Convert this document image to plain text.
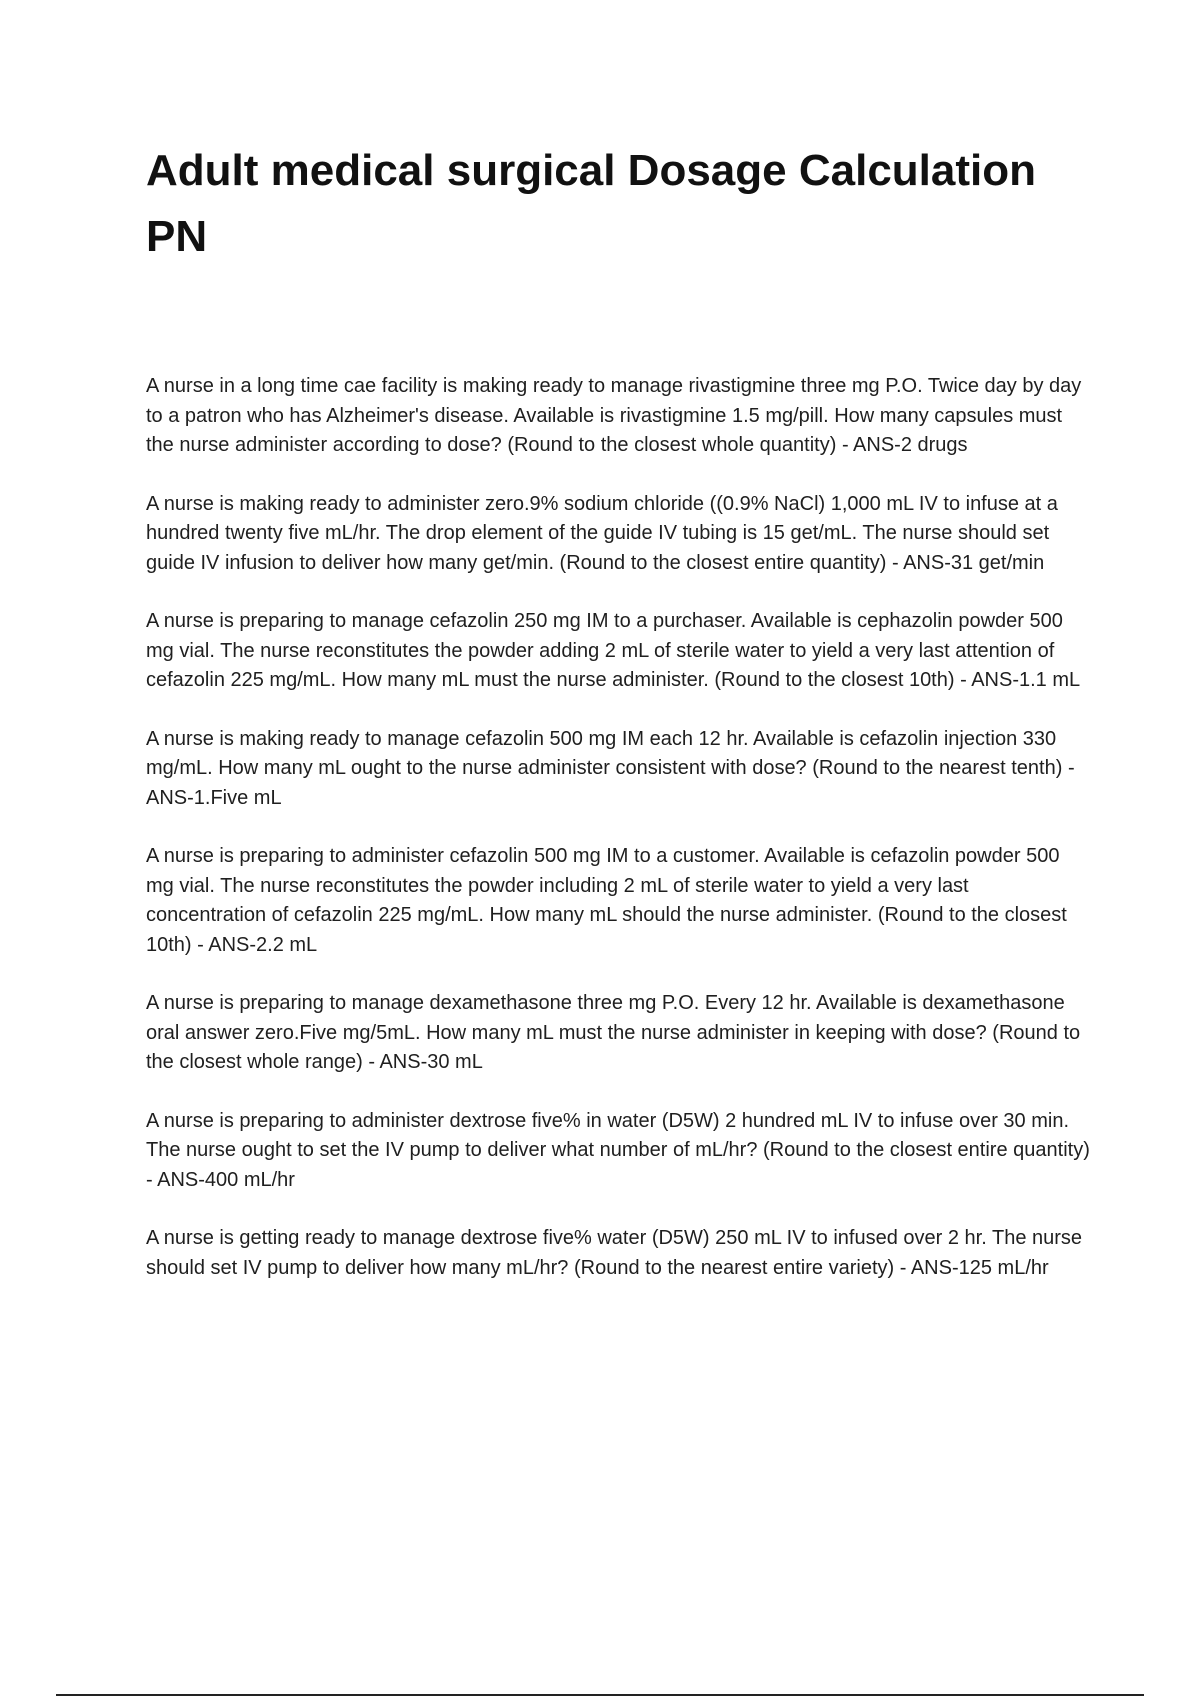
Adult medical surgical Dosage Calculation PN
A nurse in a long time cae facility is making ready to manage rivastigmine three mg P.O. Twice day by day to a patron who has Alzheimer's disease. Available is rivastigmine 1.5 mg/pill. How many capsules must the nurse administer according to dose? (Round to the closest whole quantity) - ANS-2 drugs
A nurse is making ready to administer zero.9% sodium chloride ((0.9% NaCl) 1,000 mL IV to infuse at a hundred twenty five mL/hr. The drop element of the guide IV tubing is 15 get/mL. The nurse should set guide IV infusion to deliver how many get/min. (Round to the closest entire quantity) - ANS-31 get/min
A nurse is preparing to manage cefazolin 250 mg IM to a purchaser. Available is cephazolin powder 500 mg vial. The nurse reconstitutes the powder adding 2 mL of sterile water to yield a very last attention of cefazolin 225 mg/mL. How many mL must the nurse administer. (Round to the closest 10th) - ANS-1.1 mL
A nurse is making ready to manage cefazolin 500 mg IM each 12 hr. Available is cefazolin injection 330 mg/mL. How many mL ought to the nurse administer consistent with dose? (Round to the nearest tenth) - ANS-1.Five mL
A nurse is preparing to administer cefazolin 500 mg IM to a customer. Available is cefazolin powder 500 mg vial. The nurse reconstitutes the powder including 2 mL of sterile water to yield a very last concentration of cefazolin 225 mg/mL. How many mL should the nurse administer. (Round to the closest 10th) - ANS-2.2 mL
A nurse is preparing to manage dexamethasone three mg P.O. Every 12 hr. Available is dexamethasone oral answer zero.Five mg/5mL. How many mL must the nurse administer in keeping with dose? (Round to the closest whole range) - ANS-30 mL
A nurse is preparing to administer dextrose five% in water (D5W) 2 hundred mL IV to infuse over 30 min. The nurse ought to set the IV pump to deliver what number of mL/hr? (Round to the closest entire quantity) - ANS-400 mL/hr
A nurse is getting ready to manage dextrose five% water (D5W) 250 mL IV to infused over 2 hr. The nurse should set IV pump to deliver how many mL/hr? (Round to the nearest entire variety) - ANS-125 mL/hr
